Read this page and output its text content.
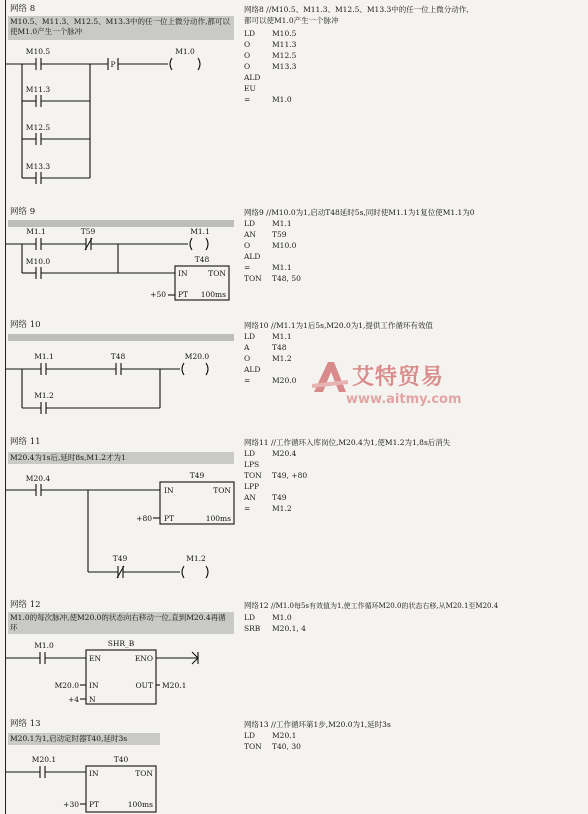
网络 8
M10.5、M11.3、M12.5、M13.3中的任一位上微分动作,都可以使M1.0产生一个脉冲
M10.5
M11.3
M12.5
M13.3
P
M1.0
网络8 //M10.5、M11.3、M12.5、M13.3中的任一位上微分动作,
都可以使M1.0产生一个脉冲
LD M10.5
O	M11.3
O	M12.5
O	M13.3
ALD
EU
=	M1.0
网络 9
M1.1	T59
M10.0
M1.1
T48
IN	TON
PT 100ms
+50
网络9 //M10.0为1,启动T48延时5s,同时使M1.1为1复位使M1.1为0
LD M1.1
AN T59
O	M10.0
ALD
=	M1.1
TON T48, 50
网络 10
M1.1	T48
M1.2
M20.0
网络10 //M1.1为1后5s,M20.0为1,提供工作循环有效值
LD M1.1
A	T48
O	M1.2
ALD
=	M20.0	艾特贸易
www.aitmy.com
网络 11
M20.4为1s后,延时8s,M1.2才为1
M20.4	T49
IN	TON
PT	100ms
+80
T49	M1.2
网络11 //工作循环入库岗位,M20.4为1,使M1.2为1,8s后消失
LD M20.4
LPS
TON T49, +80
LPP
AN T49
=	M1.2
网络 12
M1.0的每次脉冲,使M20.0的状态向右移动一位,直到M20.4再循环
M1.0	SHR_B
EN	ENO
IN	OUT
N
M20.0	M20.1
+4
网络12 //M1.0每5s有效值为1,使工作循环M20.0的状态右移,从M20.1至M20.4
LD M1.0
SRB M20.1, 4
网络 13
M20.1为1,启动定时器T40,延时3s
M20.1	T40
IN	TON
PT	100ms
+30
网络13 //工作循环第1步,M20.0为1,延时3s
LD M20.1
TON T40, 30
